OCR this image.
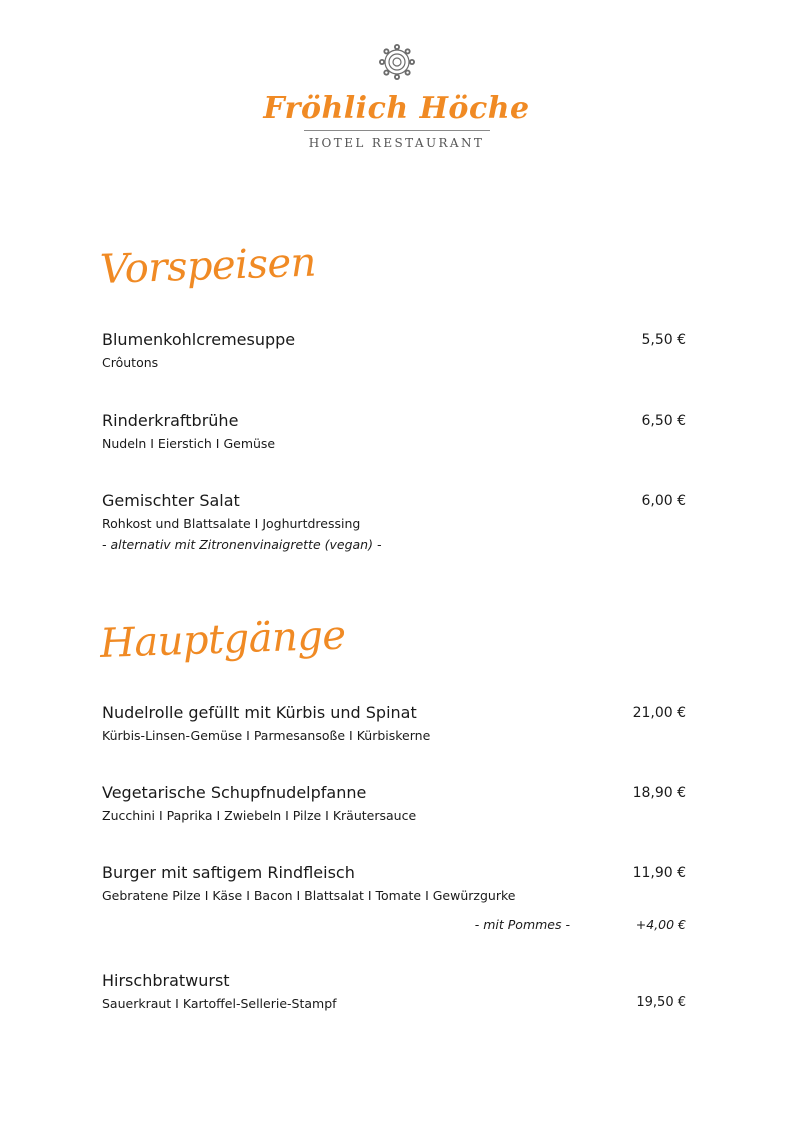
Fröhlich Höche
HOTEL RESTAURANT
Vorspeisen
Blumenkohlcremesuppe
Crôutons
5,50 €
Rinderkraftbrühe
Nudeln I Eierstich I Gemüse
6,50 €
Gemischter Salat
Rohkost und Blattsalate I Joghurtdressing
- alternativ mit Zitronenvinaigrette (vegan) -
6,00 €
Hauptgänge
Nudelrolle gefüllt mit Kürbis und Spinat
Kürbis-Linsen-Gemüse I Parmesansoße I Kürbiskerne
21,00 €
Vegetarische Schupfnudelpfanne
Zucchini I Paprika I Zwiebeln I Pilze I Kräutersauce
18,90 €
Burger mit saftigem Rindfleisch
Gebratene Pilze I Käse I Bacon I Blattsalat I Tomate I Gewürzgurke
11,90 €
- mit Pommes -	+4,00 €
Hirschbratwurst
Sauerkraut I Kartoffel-Sellerie-Stampf	19,50 €
